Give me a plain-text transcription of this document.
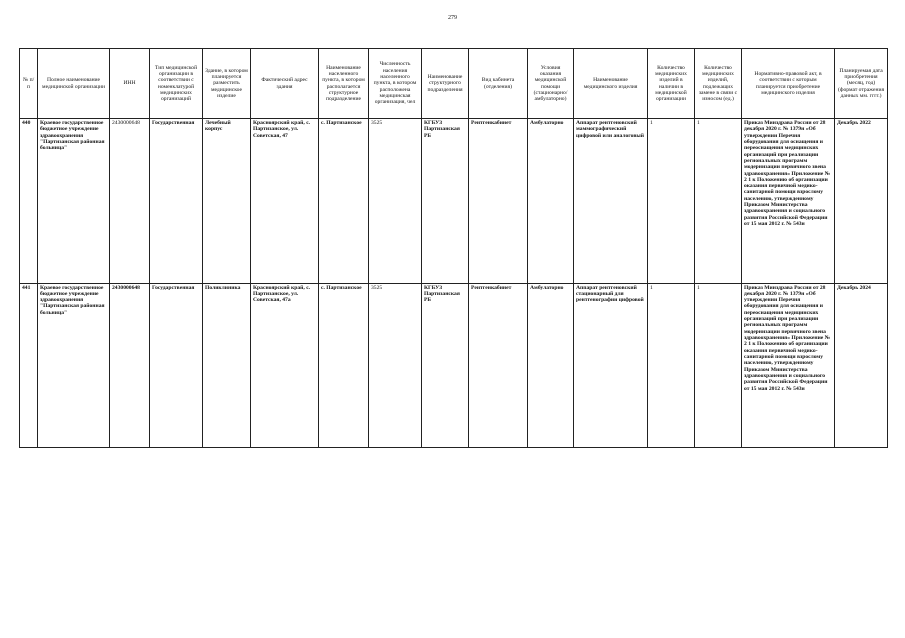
279
№ п/п	Полное наименование медицинской организации	ИНН	Тип медицинской организации в соответствии с номенклатурой медицинских организаций	Здание, в котором планируется разместить медицинское изделие	Фактический адрес здания	Наименование населенного пункта, в котором располагается структурное подразделение	Численность населения населенного пункта, в котором расположена медицинская организация, чел	Наименование структурного подразделения	Вид кабинета (отделения)	Условия оказания медицинской помощи (стационарно/ амбулаторно)	Наименование медицинского изделия	Количество медицинских изделий в наличии в медицинской организации	Количество медицинских изделий, подлежащих замене в связи с износом (ед.)	Нормативно-правовой акт, в соответствии с которым планируется приобретение медицинского изделия	Планируемая дата приобретения (месяц, год) (формат отражения данных мм. гггг.)
440	Краевое государственное бюджетное учреждение здравоохранения "Партизанская районная больница"	2430000648	Государственная	Лечебный корпус	Красноярский край, с. Партизанское, ул. Советская, 47	с. Партизанское	3525	КГБУЗ Партизанская РБ	Рентгенкабинет	Амбулаторно	Аппарат рентгеновский маммографический цифровой или аналоговый	1	1	Приказ Минздрава России от 28 декабря 2020 г. № 1379н «Об утверждении Перечня оборудования для оснащения и переоснащения медицинских организаций при реализации региональных программ модернизации первичного звена здравоохранения» Приложение № 2 1 к Положению об организации оказания первичной медико-санитарной помощи взрослому населению, утвержденному Приказом Министерства здравоохранения и социального развития Российской Федерации от 15 мая 2012 г. № 543н	Декабрь 2022
441	Краевое государственное бюджетное учреждение здравоохранения "Партизанская районная больница"	2430000648	Государственная	Поликлиника	Красноярский край, с. Партизанское, ул. Советская, 47а	с. Партизанское	3525	КГБУЗ Партизанская РБ	Рентгенкабинет	Амбулаторно	Аппарат рентгеновский стационарный для рентгенографии цифровой	1	1	Приказ Минздрава России от 28 декабря 2020 г. № 1379н «Об утверждении Перечня оборудования для оснащения и переоснащения медицинских организаций при реализации региональных программ модернизации первичного звена здравоохранения» Приложение № 2 1 к Положению об организации оказания первичной медико-санитарной помощи взрослому населению, утвержденному Приказом Министерства здравоохранения и социального развития Российской Федерации от 15 мая 2012 г. № 543н	Декабрь 2024
